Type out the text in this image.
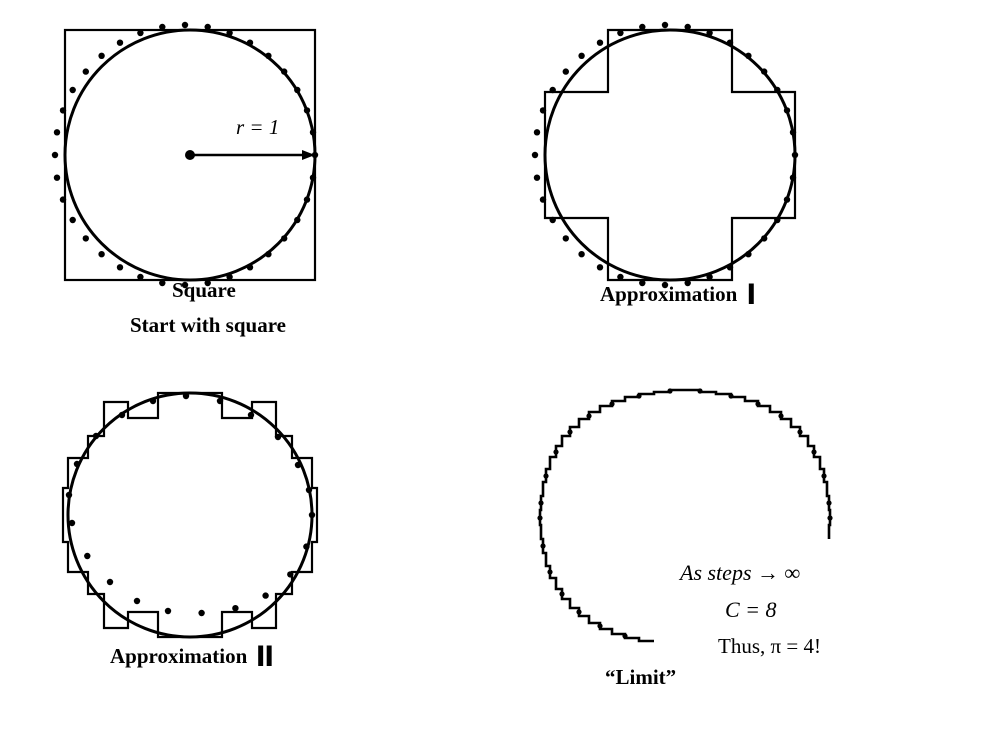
r = 1
Square
Start with square
Approximation I
Approximation II
As steps → ∞
C = 8
Thus, π = 4!
“Limit”
